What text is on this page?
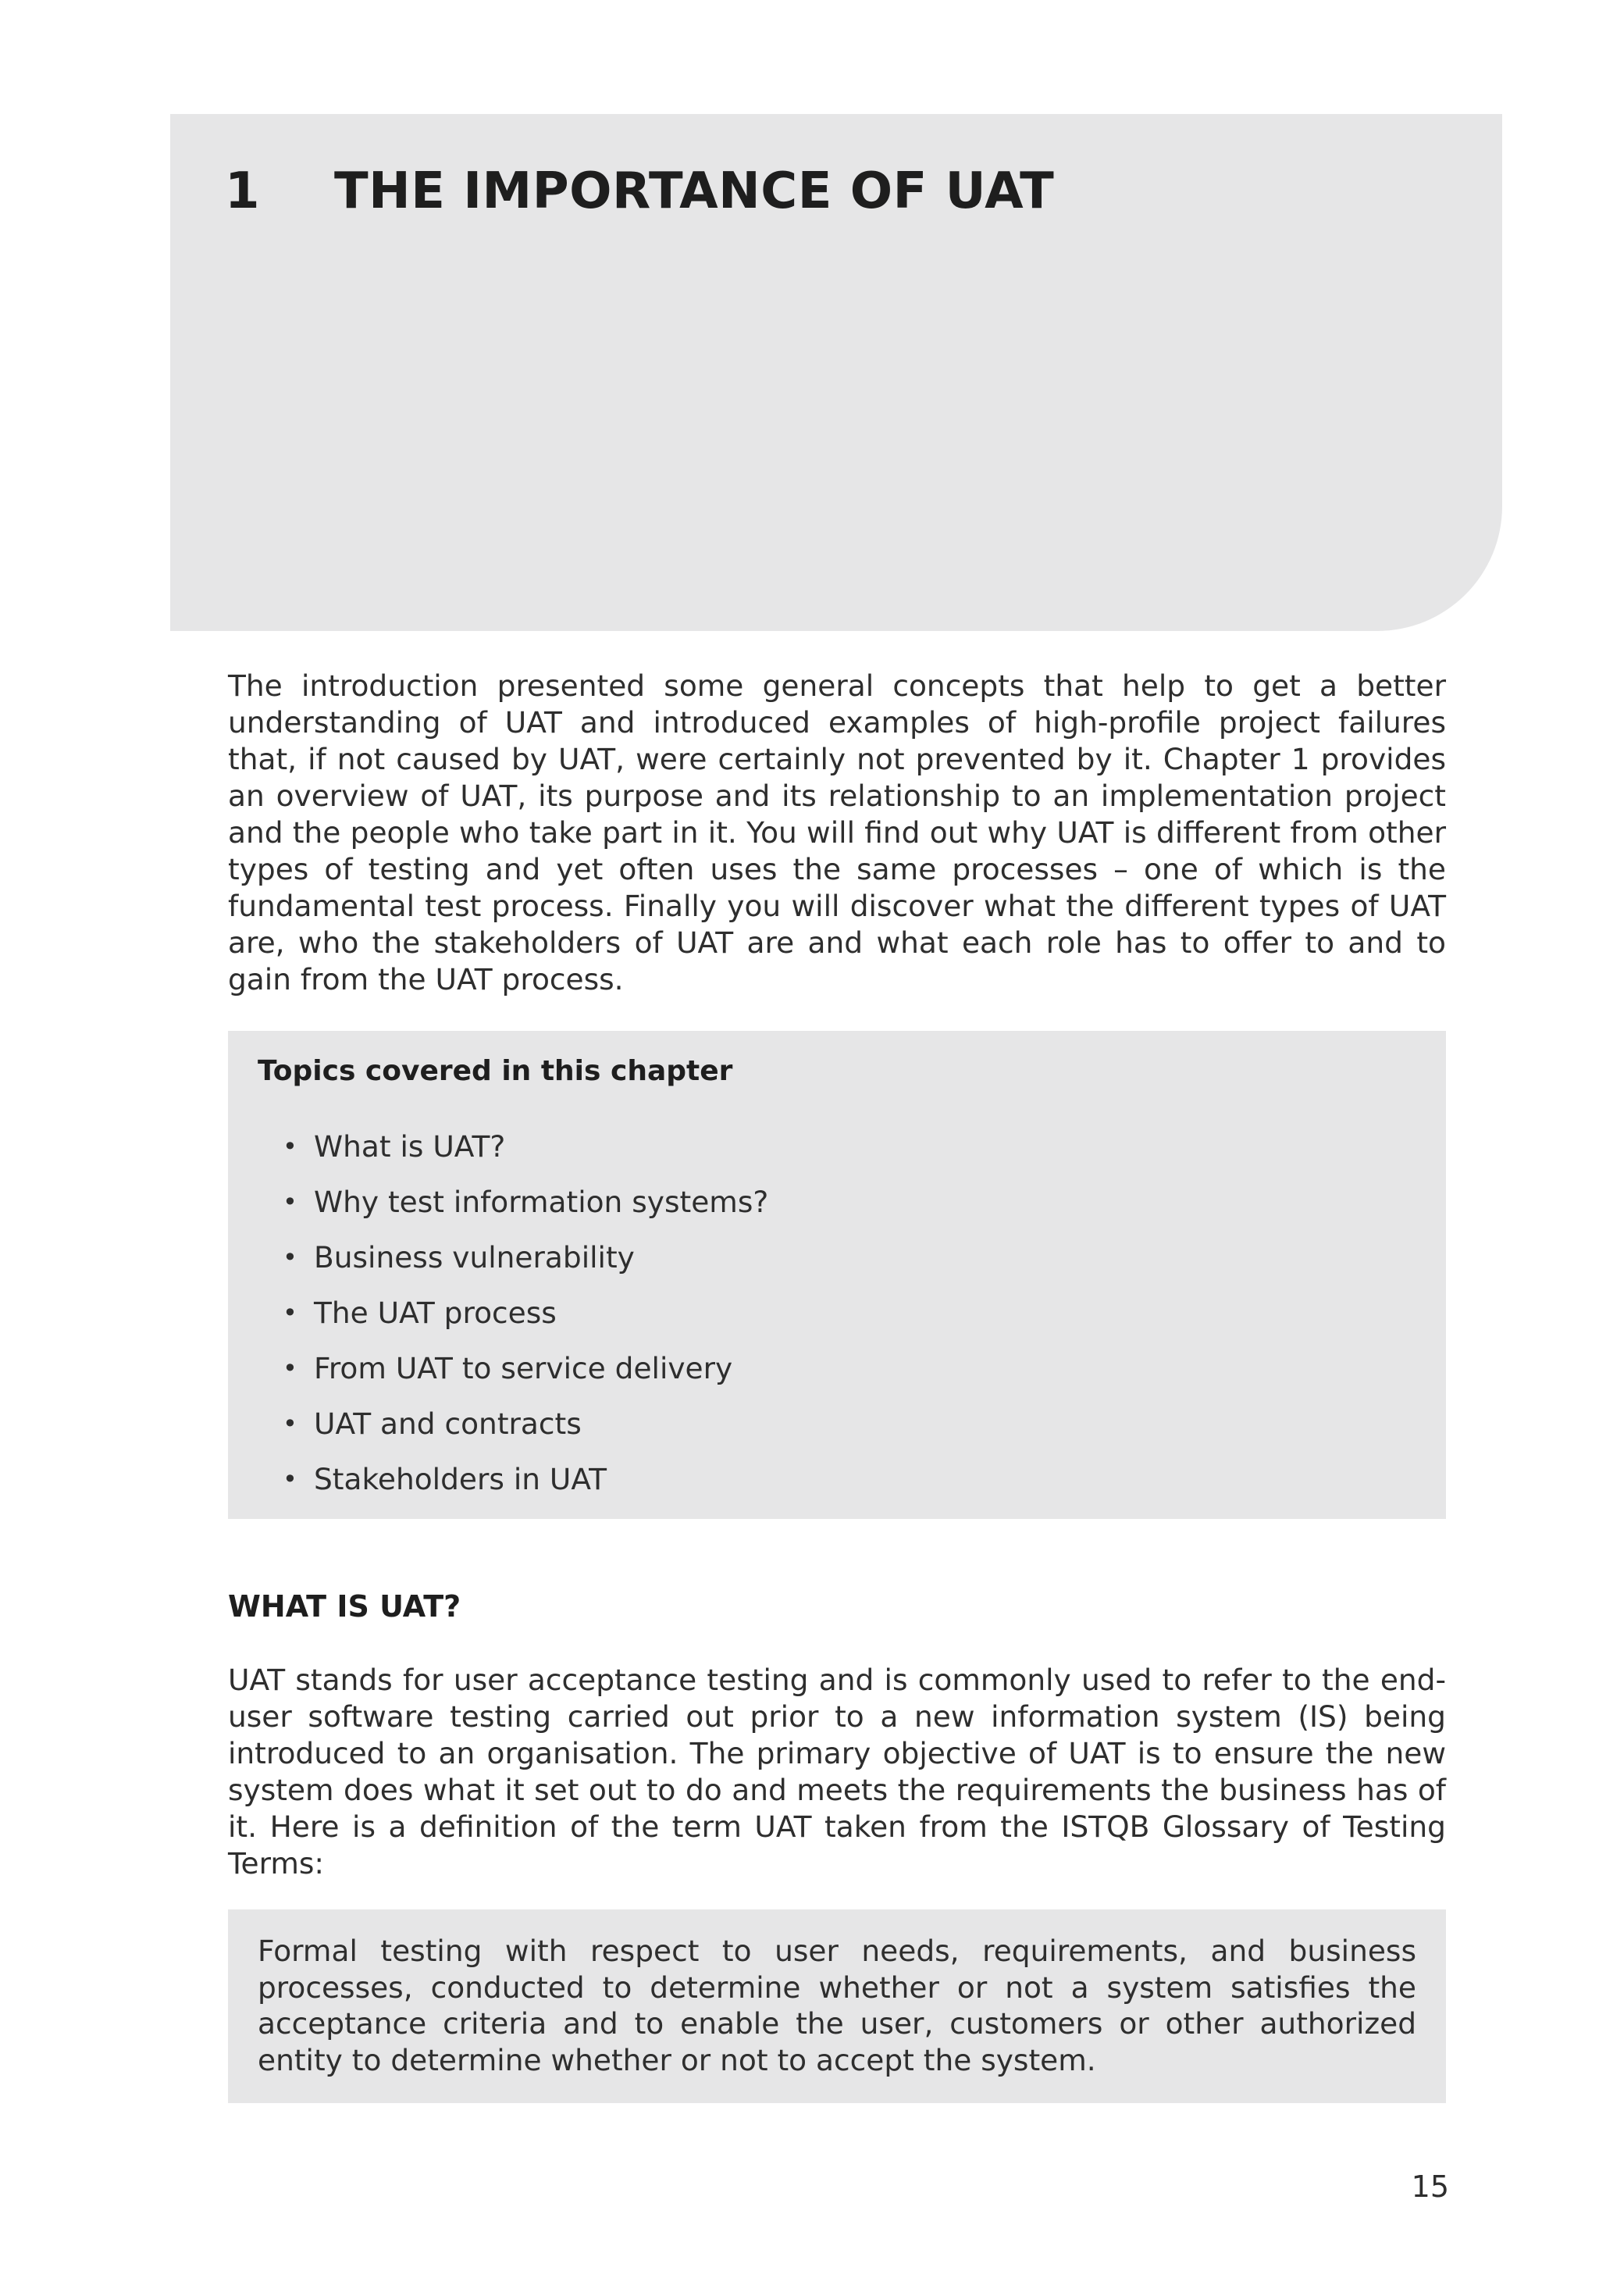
1 THE IMPORTANCE OF UAT

The introduction presented some general concepts that help to get a better understanding of UAT and introduced examples of high-profile project failures that, if not caused by UAT, were certainly not prevented by it. Chapter 1 provides an overview of UAT, its purpose and its relationship to an implementation project and the people who take part in it. You will find out why UAT is different from other types of testing and yet often uses the same processes – one of which is the fundamental test process. Finally you will discover what the different types of UAT are, who the stakeholders of UAT are and what each role has to offer to and to gain from the UAT process.

Topics covered in this chapter

• What is UAT?
• Why test information systems?
• Business vulnerability
• The UAT process
• From UAT to service delivery
• UAT and contracts
• Stakeholders in UAT
WHAT IS UAT?

UAT stands for user acceptance testing and is commonly used to refer to the end-user software testing carried out prior to a new information system (IS) being introduced to an organisation. The primary objective of UAT is to ensure the new system does what it set out to do and meets the requirements the business has of it. Here is a definition of the term UAT taken from the ISTQB Glossary of Testing Terms:

Formal testing with respect to user needs, requirements, and business processes, conducted to determine whether or not a system satisfies the acceptance criteria and to enable the user, customers or other authorized entity to determine whether or not to accept the system.

15
